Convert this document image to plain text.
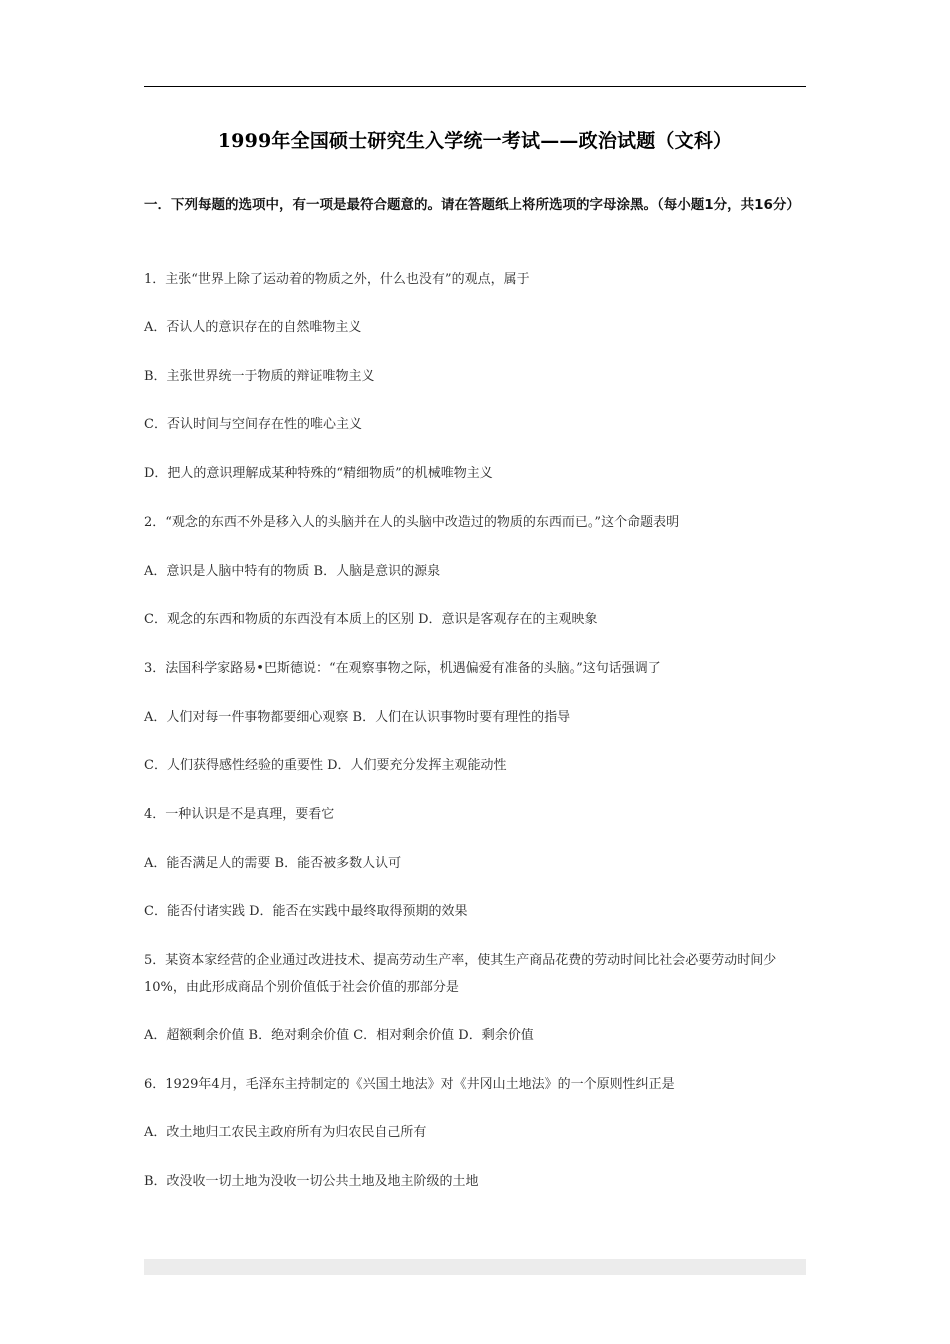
1999年全国硕士研究生入学统一考试——政治试题（文科）
一．下列每题的选项中，有一项是最符合题意的。请在答题纸上将所选项的字母涂黑。（每小题1分，共16分）
1．主张“世界上除了运动着的物质之外，什么也没有”的观点，属于
A．否认人的意识存在的自然唯物主义
B．主张世界统一于物质的辩证唯物主义
C．否认时间与空间存在性的唯心主义
D．把人的意识理解成某种特殊的“精细物质”的机械唯物主义
2．“观念的东西不外是移入人的头脑并在人的头脑中改造过的物质的东西而已。”这个命题表明
A．意识是人脑中特有的物质 B．人脑是意识的源泉
C．观念的东西和物质的东西没有本质上的区别 D．意识是客观存在的主观映象
3．法国科学家路易•巴斯德说：“在观察事物之际，机遇偏爱有准备的头脑。”这句话强调了
A．人们对每一件事物都要细心观察 B．人们在认识事物时要有理性的指导
C．人们获得感性经验的重要性 D．人们要充分发挥主观能动性
4．一种认识是不是真理，要看它
A．能否满足人的需要 B．能否被多数人认可
C．能否付诸实践 D．能否在实践中最终取得预期的效果
5．某资本家经营的企业通过改进技术、提高劳动生产率，使其生产商品花费的劳动时间比社会必要劳动时间少10%，由此形成商品个别价值低于社会价值的那部分是
A．超额剩余价值 B．绝对剩余价值 C．相对剩余价值 D．剩余价值
6．1929年4月，毛泽东主持制定的《兴国土地法》对《井冈山土地法》的一个原则性纠正是
A．改土地归工农民主政府所有为归农民自己所有
B．改没收一切土地为没收一切公共土地及地主阶级的土地
